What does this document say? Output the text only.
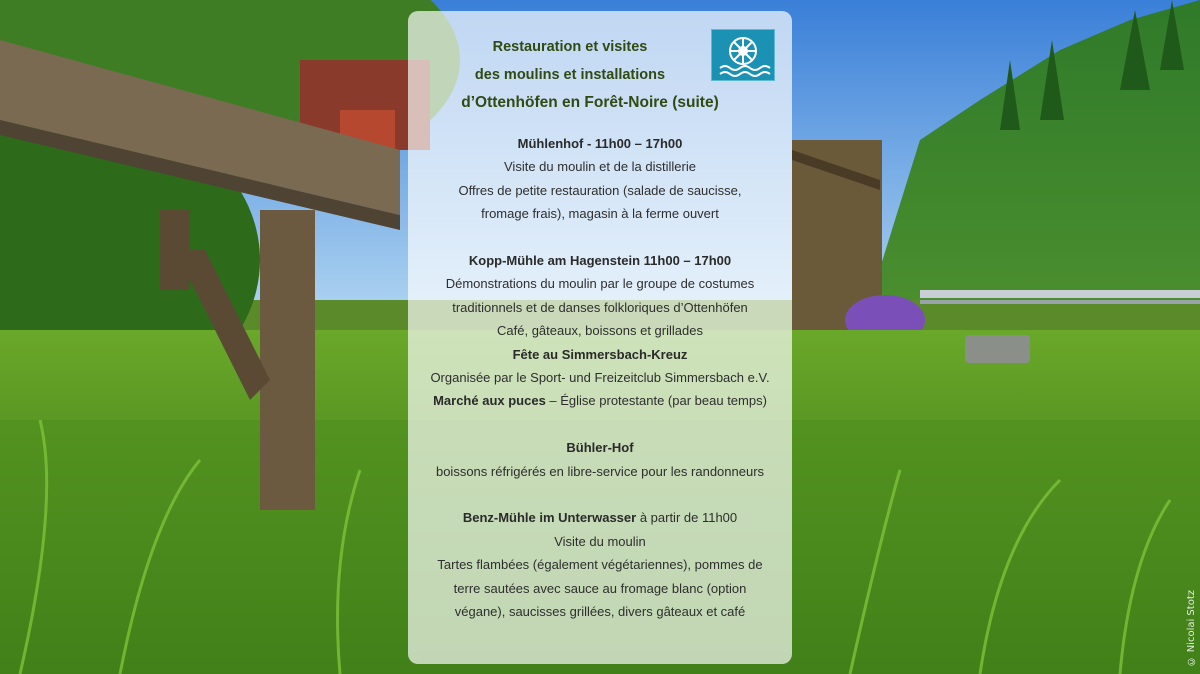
Restauration et visites
des moulins et installations
d’Ottenhöfen en Forêt-Noire (suite)
Mühlenhof - 11h00 – 17h00
Visite du moulin et de la distillerie
Offres de petite restauration (salade de saucisse,
fromage frais), magasin à la ferme ouvert
Kopp-Mühle am Hagenstein 11h00 – 17h00
Démonstrations du moulin par le groupe de costumes
traditionnels et de danses folkloriques d’Ottenhöfen
Café, gâteaux, boissons et grillades
Fête au Simmersbach-Kreuz
Organisée par le Sport- und Freizeitclub Simmersbach e.V.
Marché aux puces – Église protestante (par beau temps)
Bühler-Hof
boissons réfrigérés en libre-service pour les randonneurs
Benz-Mühle im Unterwasser à partir de 11h00
Visite du moulin
Tartes flambées (également végétariennes), pommes de
terre sautées avec sauce au fromage blanc (option
végane), saucisses grillées, divers gâteaux et café	© Nicolai Stotz
